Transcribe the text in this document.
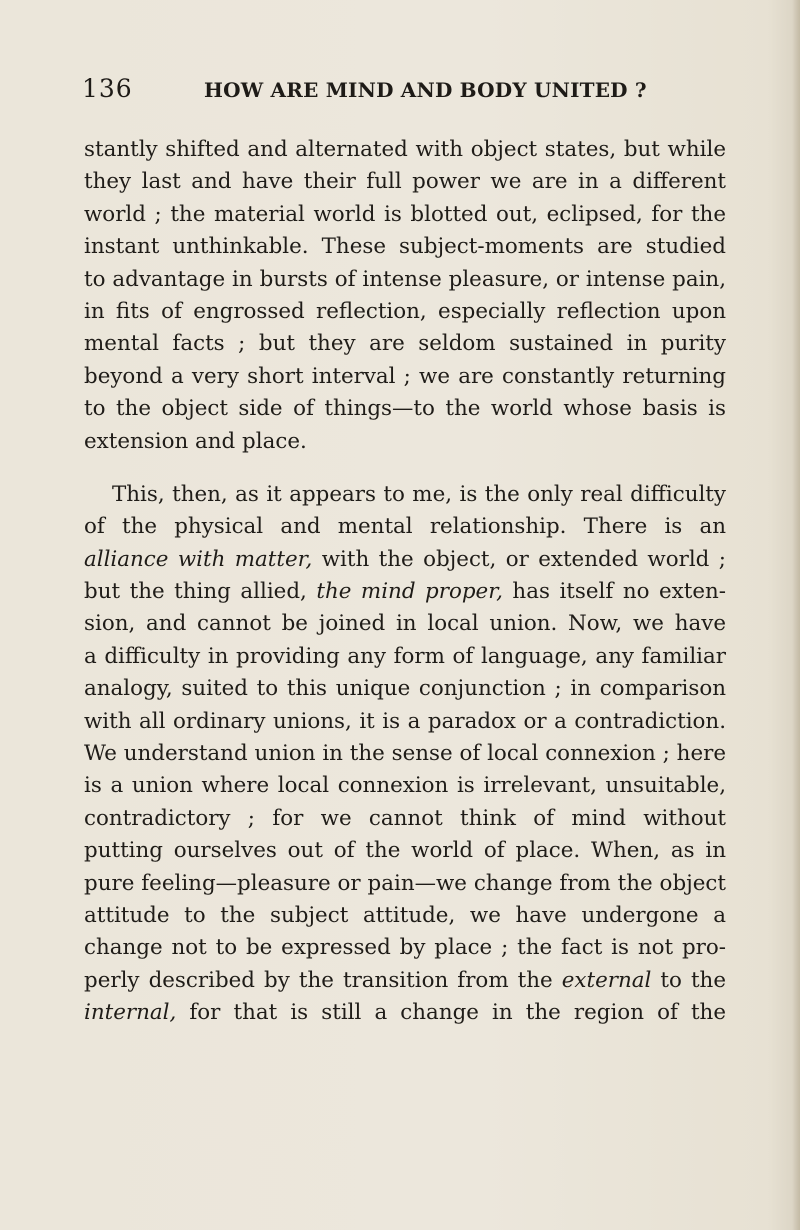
136	HOW ARE MIND AND BODY UNITED ?
stantly shifted and alternated with object states, but while
they last and have their full power we are in a different
world ; the material world is blotted out, eclipsed, for the
instant unthinkable. These subject-moments are studied
to advantage in bursts of intense pleasure, or intense pain,
in fits of engrossed reflection, especially reflection upon
mental facts ; but they are seldom sustained in purity
beyond a very short interval ; we are constantly returning
to the object side of things—to the world whose basis is
extension and place.
This, then, as it appears to me, is the only real difficulty
of the physical and mental relationship. There is an
alliance with matter, with the object, or extended world ;
but the thing allied, the mind proper, has itself no exten-
sion, and cannot be joined in local union. Now, we have
a difficulty in providing any form of language, any familiar
analogy, suited to this unique conjunction ; in comparison
with all ordinary unions, it is a paradox or a contradiction.
We understand union in the sense of local connexion ; here
is a union where local connexion is irrelevant, unsuitable,
contradictory ; for we cannot think of mind without
putting ourselves out of the world of place. When, as in
pure feeling—pleasure or pain—we change from the object
attitude to the subject attitude, we have undergone a
change not to be expressed by place ; the fact is not pro-
perly described by the transition from the external to the
internal, for that is still a change in the region of the
